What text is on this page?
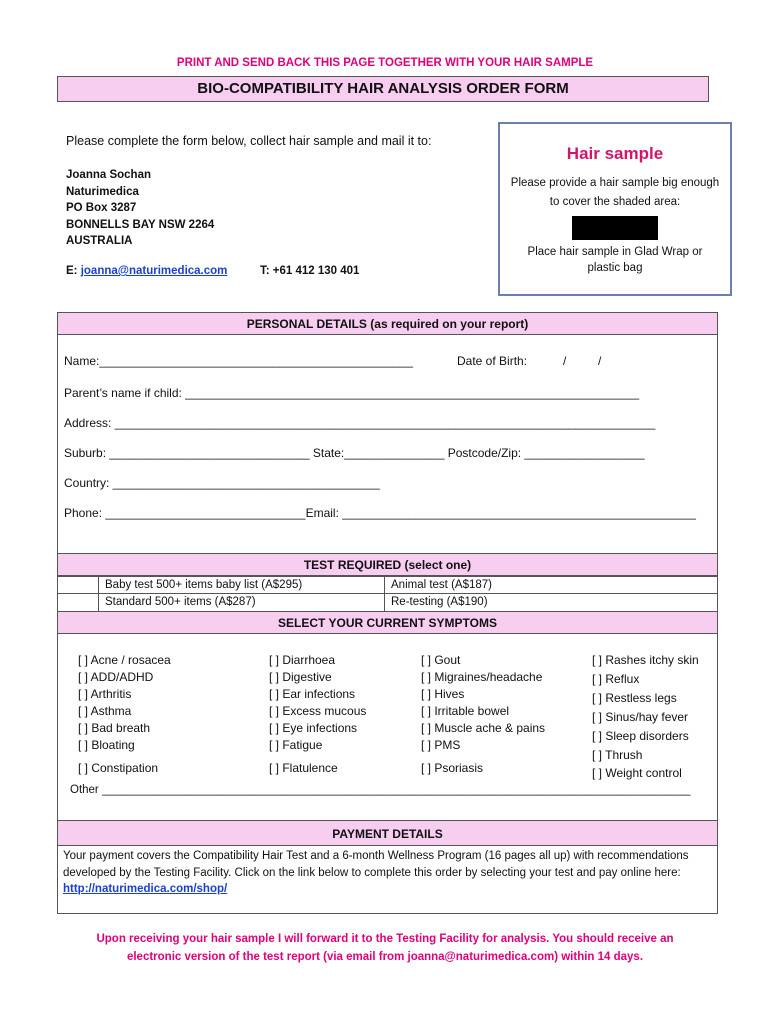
PRINT AND SEND BACK THIS PAGE TOGETHER WITH YOUR HAIR SAMPLE
BIO-COMPATIBILITY HAIR ANALYSIS ORDER FORM
Please complete the form below, collect hair sample and mail it to:
Joanna Sochan
Naturimedica
PO Box 3287
BONNELLS BAY NSW 2264
AUSTRALIA
E: joanna@naturimedica.com	T: +61 412 130 401
Hair sample
Please provide a hair sample big enough to cover the shaded area:
Place hair sample in Glad Wrap or plastic bag
PERSONAL DETAILS (as required on your report)
Name:_______________________________________________	Date of Birth:	/	/
Parent’s name if child: ____________________________________________________________________
Address: _________________________________________________________________________________
Suburb: ______________________________ State:_______________ Postcode/Zip: __________________
Country: ________________________________________
Phone: ______________________________Email: _____________________________________________________
TEST REQUIRED (select one)
Baby test 500+ items baby list (A$295)	Animal test (A$187)
Standard 500+ items (A$287)	Re-testing (A$190)
SELECT YOUR CURRENT SYMPTOMS
[ ] Acne / rosacea
[ ] ADD/ADHD
[ ] Arthritis
[ ] Asthma
[ ] Bad breath
[ ] Bloating
[ ] Constipation
[ ] Diarrhoea
[ ] Digestive
[ ] Ear infections
[ ] Excess mucous
[ ] Eye infections
[ ] Fatigue
[ ] Flatulence
[ ] Gout
[ ] Migraines/headache
[ ] Hives
[ ] Irritable bowel
[ ] Muscle ache & pains
[ ] PMS
[ ] Psoriasis
[ ] Rashes itchy skin
[ ] Reflux
[ ] Restless legs
[ ] Sinus/hay fever
[ ] Sleep disorders
[ ] Thrush
[ ] Weight control
Other ____________________________________________________________________________________________
PAYMENT DETAILS
Your payment covers the Compatibility Hair Test and a 6-month Wellness Program (16 pages all up) with recommendations developed by the Testing Facility. Click on the link below to complete this order by selecting your test and pay online here: http://naturimedica.com/shop/
Upon receiving your hair sample I will forward it to the Testing Facility for analysis. You should receive an
electronic version of the test report (via email from joanna@naturimedica.com) within 14 days.
